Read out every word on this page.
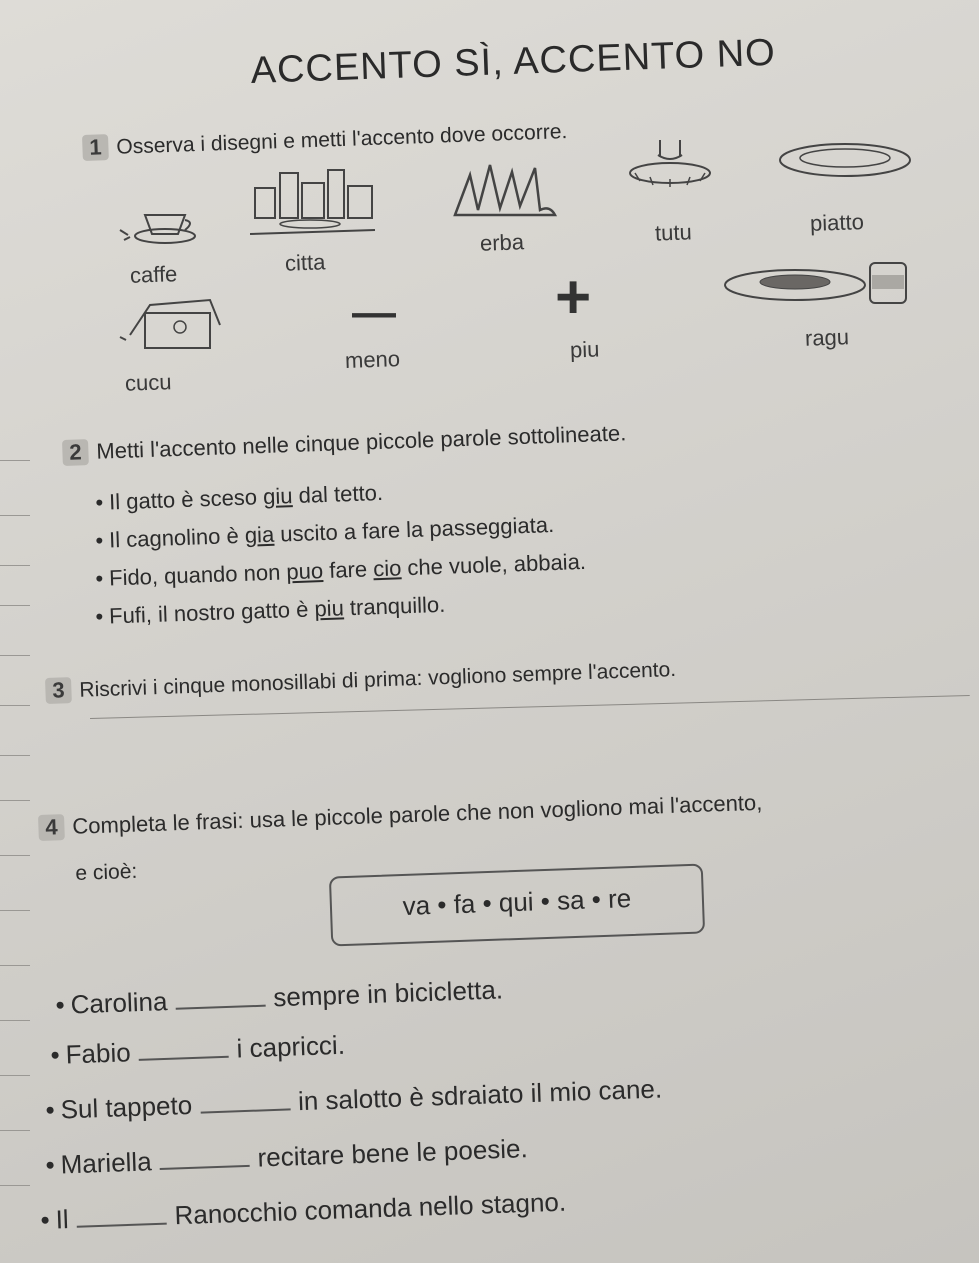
ACCENTO SÌ, ACCENTO NO
1 Osserva i disegni e metti l'accento dove occorre.
caffe	citta
erba	tutu	piatto
—	+
cucu
meno	piu	ragu
2 Metti l'accento nelle cinque piccole parole sottolineate.
• Il gatto è sceso giu dal tetto.
• Il cagnolino è gia uscito a fare la passeggiata.
• Fido, quando non puo fare cio che vuole, abbaia.
• Fufi, il nostro gatto è piu tranquillo.
3 Riscrivi i cinque monosillabi di prima: vogliono sempre l'accento.
4 Completa le frasi: usa le piccole parole che non vogliono mai l'accento,
e cioè:
va • fa • qui • sa • re
• Carolina	sempre in bicicletta.
• Fabio	i capricci.
• Sul tappeto	in salotto è sdraiato il mio cane.
• Mariella	recitare bene le poesie.
• Il	Ranocchio comanda nello stagno.
